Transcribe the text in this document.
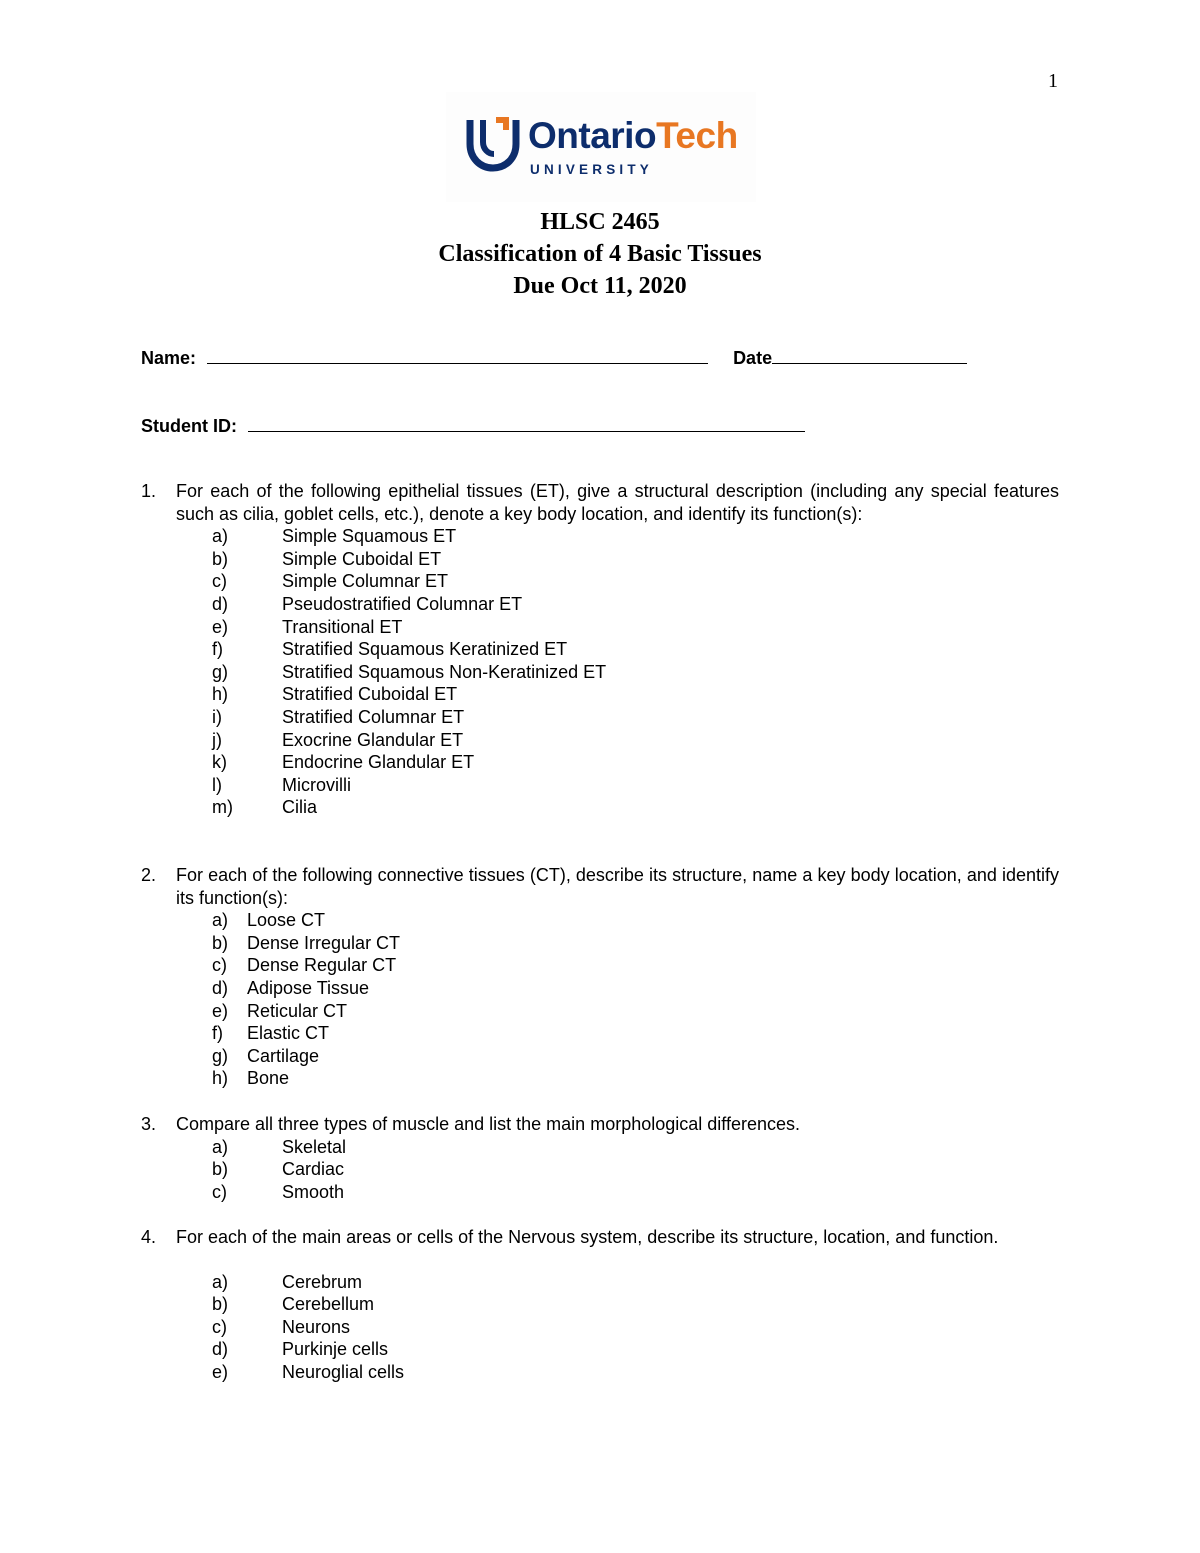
1
OntarioTech
UNIVERSITY
HLSC 2465
Classification of 4 Basic Tissues
Due Oct 11, 2020
Name:	Date
Student ID:
1. For each of the following epithelial tissues (ET), give a structural description (including any special features such as cilia, goblet cells, etc.), denote a key body location, and identify its function(s):
a)	Simple Squamous ET
b)	Simple Cuboidal ET
c)	Simple Columnar ET
d)	Pseudostratified Columnar ET
e)	Transitional ET
f)	Stratified Squamous Keratinized ET
g)	Stratified Squamous Non-Keratinized ET
h)	Stratified Cuboidal ET
i)	Stratified Columnar ET
j)	Exocrine Glandular ET
k)	Endocrine Glandular ET
l)	Microvilli
m)	Cilia
2. For each of the following connective tissues (CT), describe its structure, name a key body location, and identify its function(s):
a) Loose CT
b) Dense Irregular CT
c) Dense Regular CT
d) Adipose Tissue
e) Reticular CT
f) Elastic CT
g) Cartilage
h) Bone
3. Compare all three types of muscle and list the main morphological differences.
a)	Skeletal
b)	Cardiac
c)	Smooth
4. For each of the main areas or cells of the Nervous system, describe its structure, location, and function.
a)	Cerebrum
b)	Cerebellum
c)	Neurons
d)	Purkinje cells
e)	Neuroglial cells
